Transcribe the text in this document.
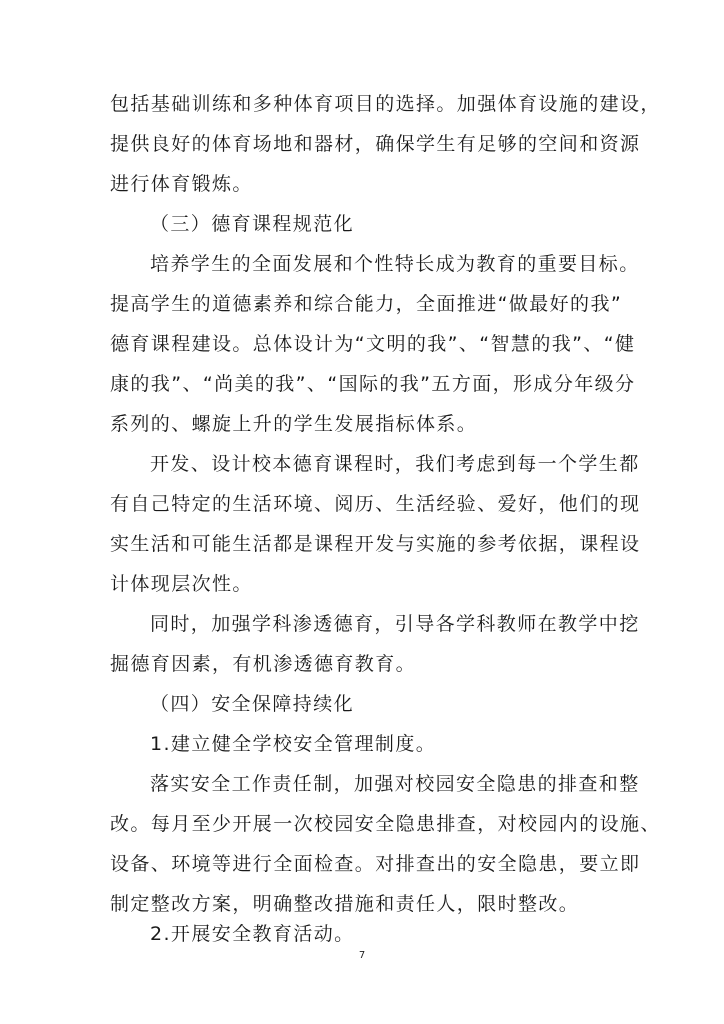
包括基础训练和多种体育项目的选择。加强体育设施的建设，
提供良好的体育场地和器材，确保学生有足够的空间和资源
进行体育锻炼。
（三）德育课程规范化
培养学生的全面发展和个性特长成为教育的重要目标。
提高学生的道德素养和综合能力，全面推进“做最好的我”
德育课程建设。总体设计为“文明的我”、“智慧的我”、“健
康的我”、“尚美的我”、“国际的我”五方面，形成分年级分
系列的、螺旋上升的学生发展指标体系。
开发、设计校本德育课程时，我们考虑到每一个学生都
有自己特定的生活环境、阅历、生活经验、爱好，他们的现
实生活和可能生活都是课程开发与实施的参考依据，课程设
计体现层次性。
同时，加强学科渗透德育，引导各学科教师在教学中挖
掘德育因素，有机渗透德育教育。
（四）安全保障持续化
1.建立健全学校安全管理制度。
落实安全工作责任制，加强对校园安全隐患的排查和整
改。每月至少开展一次校园安全隐患排查，对校园内的设施、
设备、环境等进行全面检查。对排查出的安全隐患，要立即
制定整改方案，明确整改措施和责任人，限时整改。
2.开展安全教育活动。
7
